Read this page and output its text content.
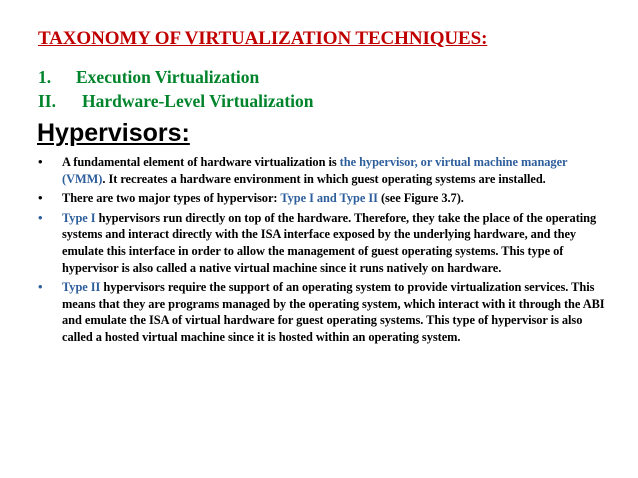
TAXONOMY OF VIRTUALIZATION TECHNIQUES:
1. Execution Virtualization
II. Hardware-Level Virtualization
Hypervisors:
• A fundamental element of hardware virtualization is the hypervisor, or virtual machine manager (VMM). It recreates a hardware environment in which guest operating systems are installed.
• There are two major types of hypervisor: Type I and Type II (see Figure 3.7).
• Type I hypervisors run directly on top of the hardware. Therefore, they take the place of the operating systems and interact directly with the ISA interface exposed by the underlying hardware, and they emulate this interface in order to allow the management of guest operating systems. This type of hypervisor is also called a native virtual machine since it runs natively on hardware.
• Type II hypervisors require the support of an operating system to provide virtualization services. This means that they are programs managed by the operating system, which interact with it through the ABI and emulate the ISA of virtual hardware for guest operating systems. This type of hypervisor is also called a hosted virtual machine since it is hosted within an operating system.
